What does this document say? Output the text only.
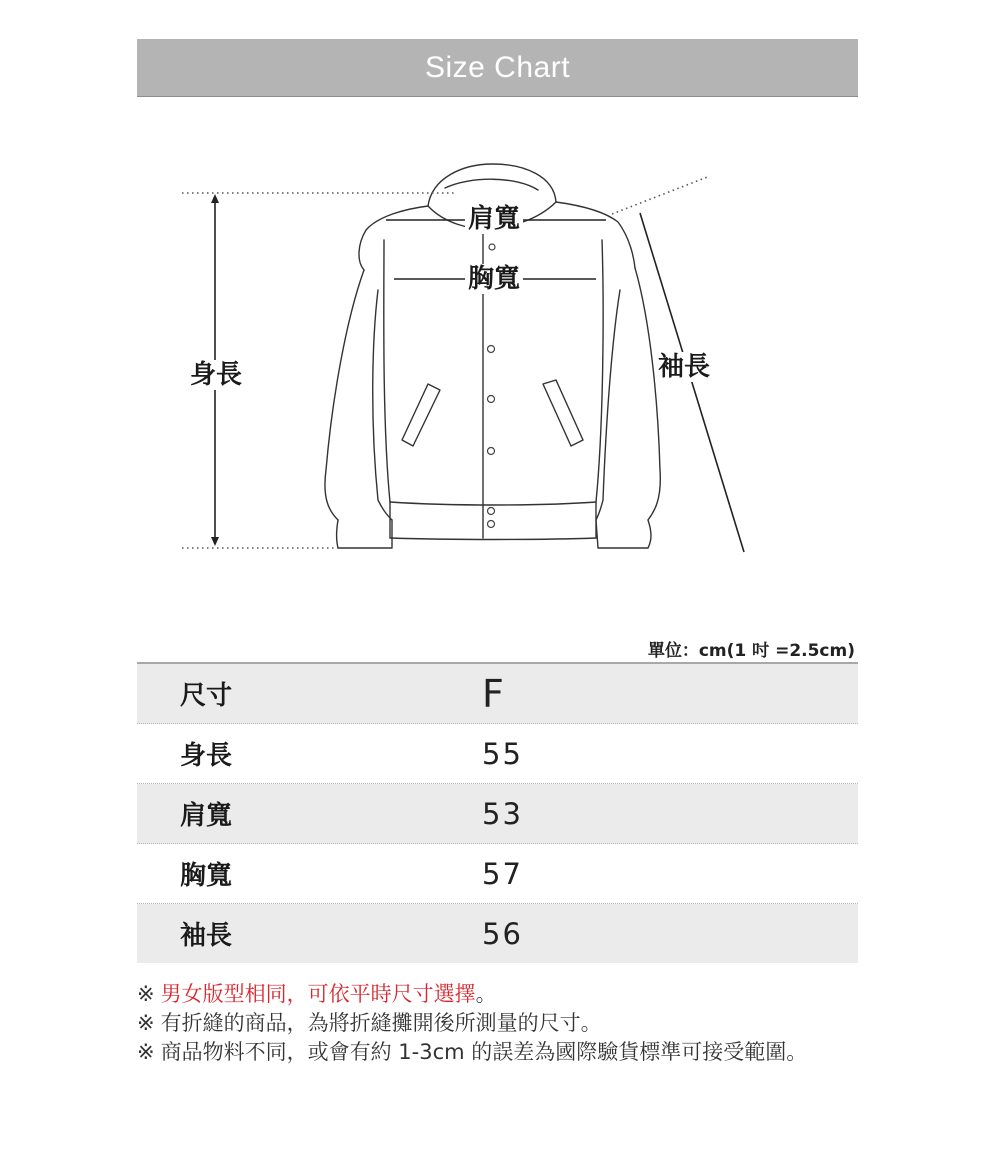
Size Chart
身長
肩寬
胸寬
袖長
單位：cm(1 吋 =2.5cm)
尺寸	F
身長	55
肩寬	53
胸寬	57
袖長	56
※ 男女版型相同，可依平時尺寸選擇。
※ 有折縫的商品，為將折縫攤開後所測量的尺寸。
※ 商品物料不同，或會有約 1-3cm 的誤差為國際驗貨標準可接受範圍。
